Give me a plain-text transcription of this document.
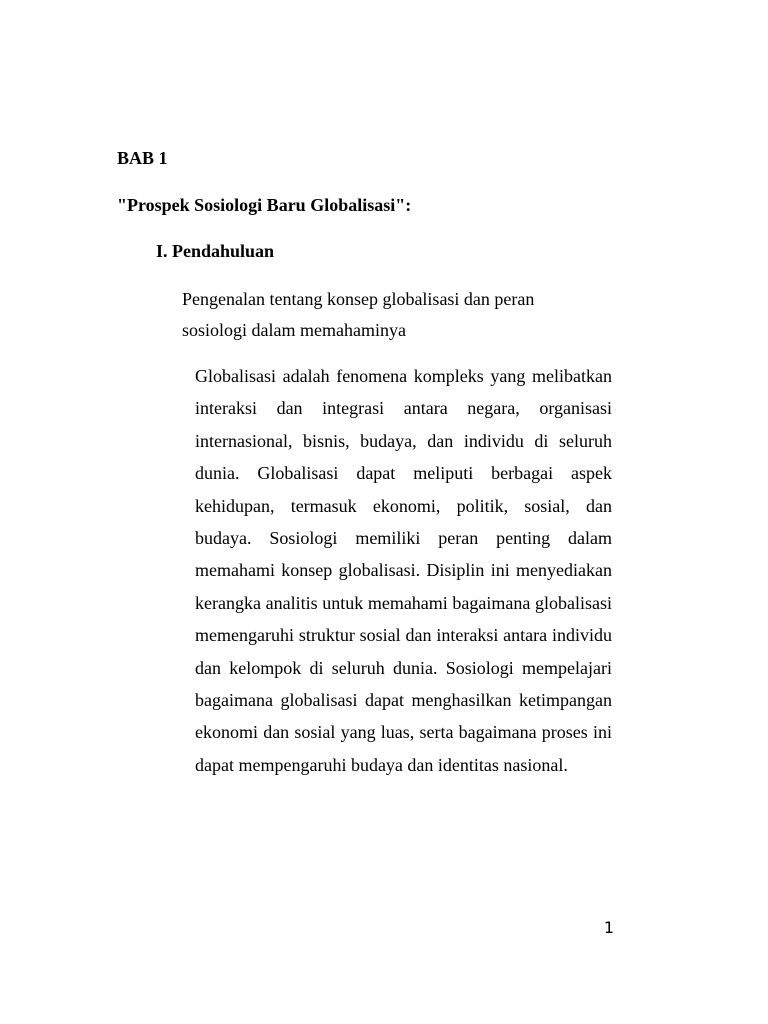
BAB 1
"Prospek Sosiologi Baru Globalisasi":
I. Pendahuluan

Pengenalan tentang konsep globalisasi dan peran sosiologi dalam memahaminya

Globalisasi adalah fenomena kompleks yang melibatkan interaksi dan integrasi antara negara, organisasi internasional, bisnis, budaya, dan individu di seluruh dunia. Globalisasi dapat meliputi berbagai aspek kehidupan, termasuk ekonomi, politik, sosial, dan budaya. Sosiologi memiliki peran penting dalam memahami konsep globalisasi. Disiplin ini menyediakan kerangka analitis untuk memahami bagaimana globalisasi memengaruhi struktur sosial dan interaksi antara individu dan kelompok di seluruh dunia. Sosiologi mempelajari bagaimana globalisasi dapat menghasilkan ketimpangan ekonomi dan sosial yang luas, serta bagaimana proses ini dapat mempengaruhi budaya dan identitas nasional.

1
